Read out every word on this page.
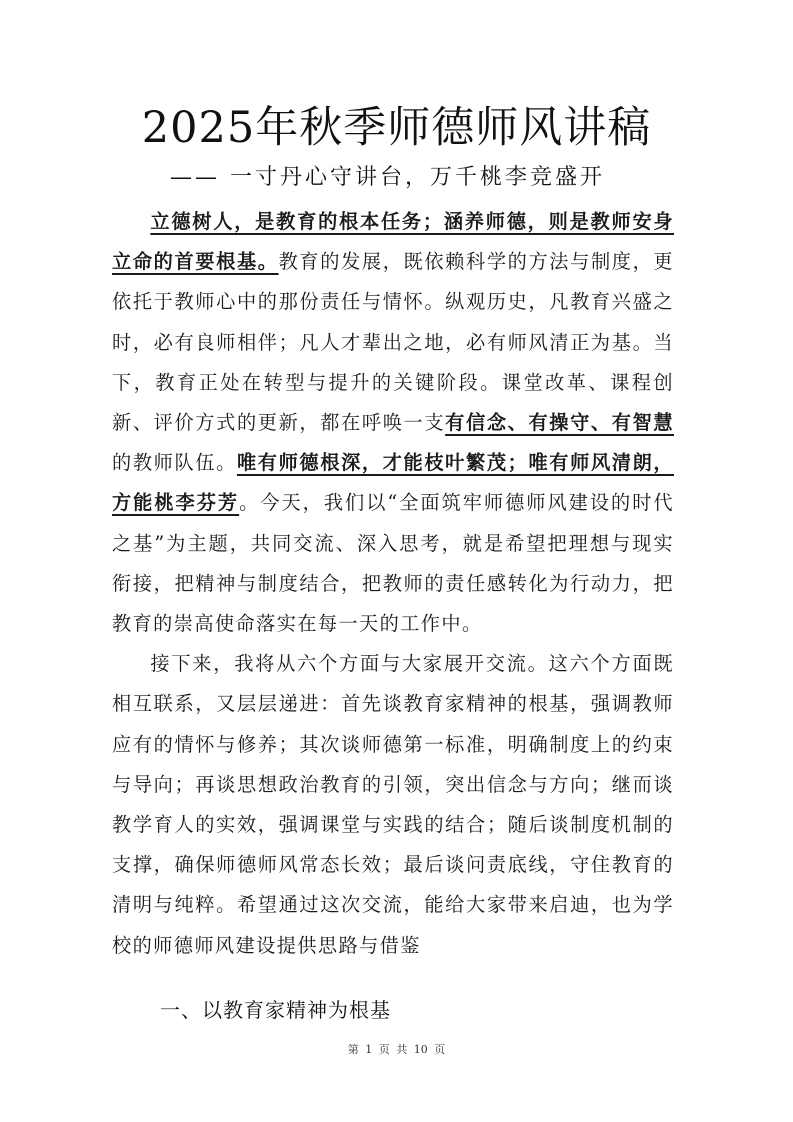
2025年秋季师德师风讲稿
—— 一寸丹心守讲台，万千桃李竞盛开

立德树人，是教育的根本任务；涵养师德，则是教师安身立命的首要根基。教育的发展，既依赖科学的方法与制度，更依托于教师心中的那份责任与情怀。纵观历史，凡教育兴盛之时，必有良师相伴；凡人才辈出之地，必有师风清正为基。当下，教育正处在转型与提升的关键阶段。课堂改革、课程创新、评价方式的更新，都在呼唤一支有信念、有操守、有智慧的教师队伍。唯有师德根深，才能枝叶繁茂；唯有师风清朗，方能桃李芬芳。今天，我们以“全面筑牢师德师风建设的时代之基”为主题，共同交流、深入思考，就是希望把理想与现实衔接，把精神与制度结合，把教师的责任感转化为行动力，把教育的崇高使命落实在每一天的工作中。

接下来，我将从六个方面与大家展开交流。这六个方面既相互联系，又层层递进：首先谈教育家精神的根基，强调教师应有的情怀与修养；其次谈师德第一标准，明确制度上的约束与导向；再谈思想政治教育的引领，突出信念与方向；继而谈教学育人的实效，强调课堂与实践的结合；随后谈制度机制的支撑，确保师德师风常态长效；最后谈问责底线，守住教育的清明与纯粹。希望通过这次交流，能给大家带来启迪，也为学校的师德师风建设提供思路与借鉴

一、以教育家精神为根基
第 1 页 共 10 页
